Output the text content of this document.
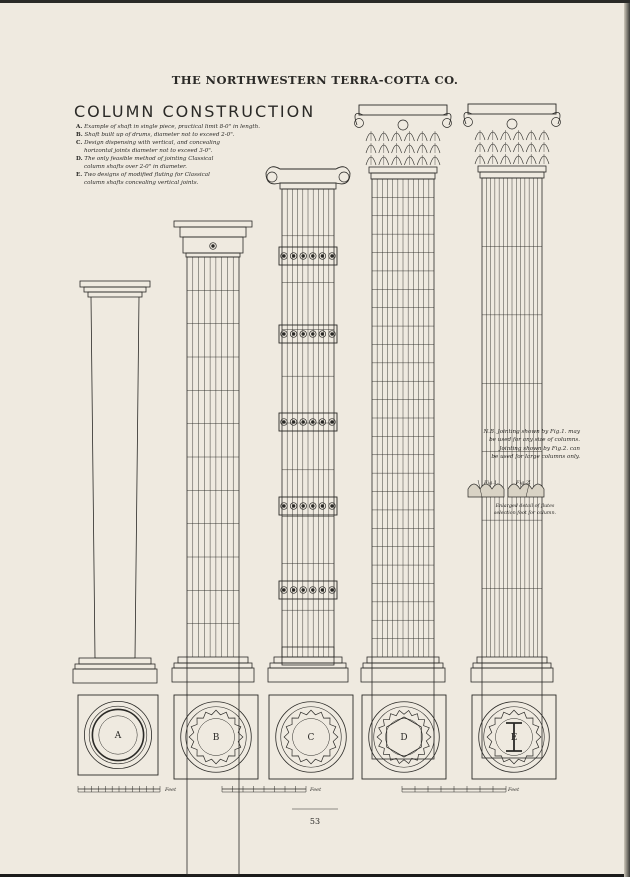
A	B	C	D	E

THE NORTHWESTERN TERRA-COTTA CO.

COLUMN CONSTRUCTION

A. Example of shaft in single piece, practical limit 8-0" in length.
B. Shaft built up of drums, diameter not to exceed 2-0".
C. Design dispensing with vertical, and concealing
horizontal joints diameter not to exceed 3-0".
D. The only feasible method of jointing Classical
column shafts over 2-0" in diameter.
E. Two designs of modified fluting for Classical
column shafts concealing vertical joints.
N.B. Jointing shown by Fig.1. may
be used for any size of columns.
Jointing shown by Fig.2. can
be used for large columns only.
Fig.1.	Fig.2.
Enlarged detail of flutes
selection foot for column.
Feet	Feet	Feet

53
